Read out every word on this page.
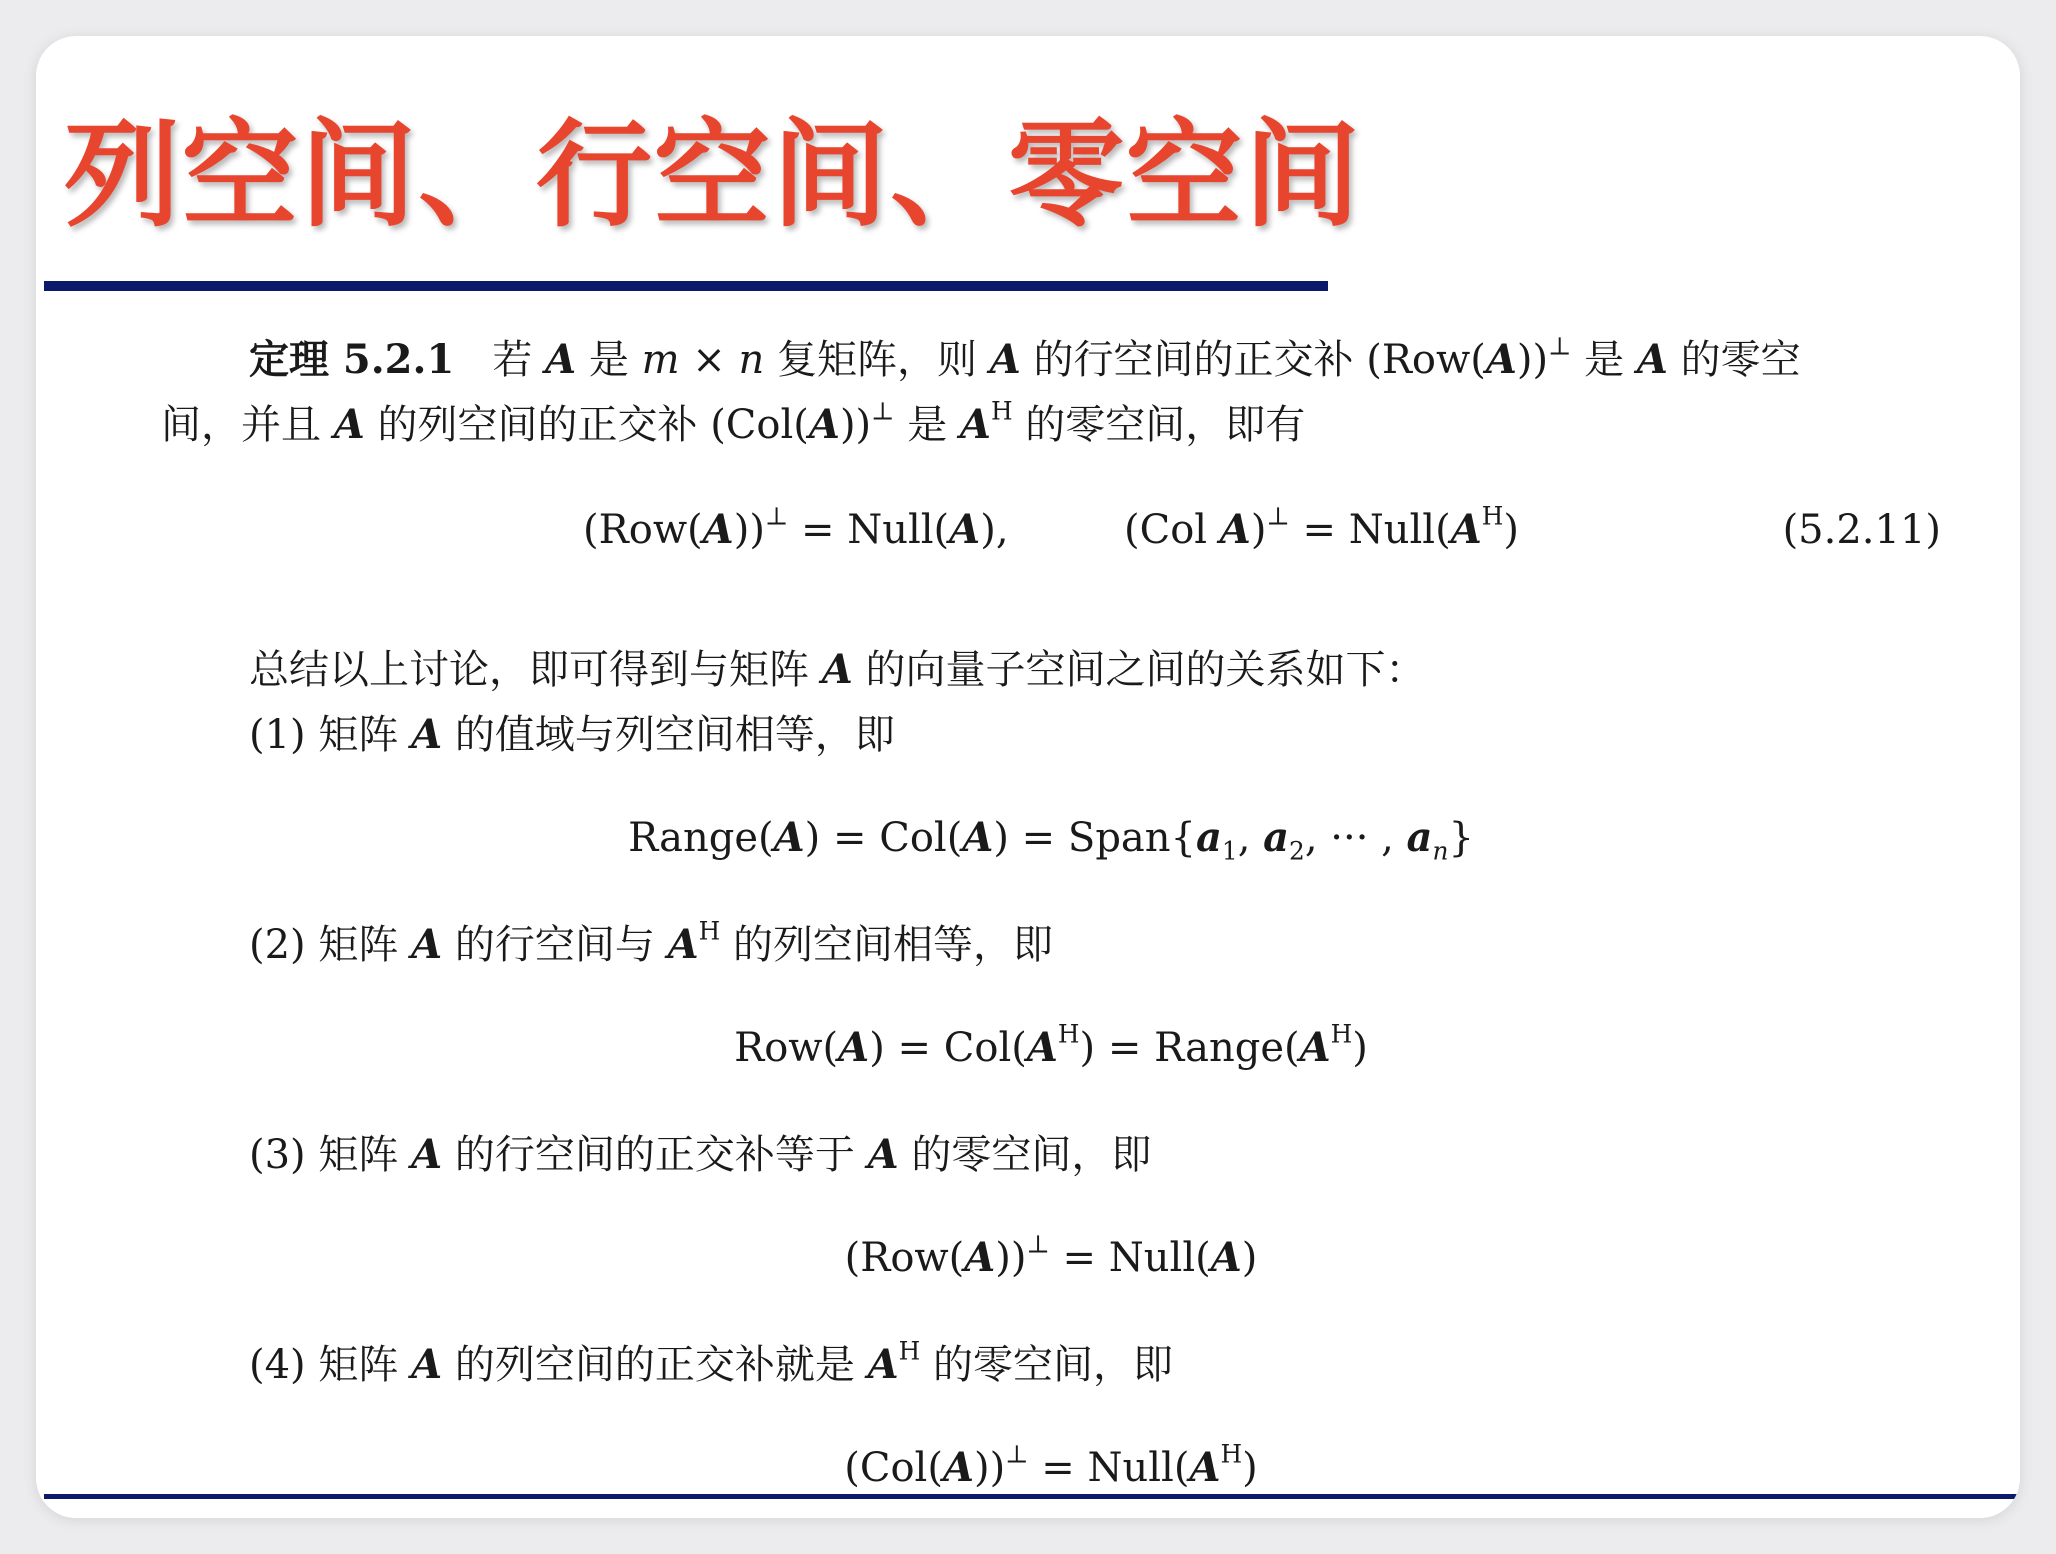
列空间、行空间、零空间
定理 5.2.1   若 A 是 m × n 复矩阵，则 A 的行空间的正交补 (Row(A))⊥ 是 A 的零空
间，并且 A 的列空间的正交补 (Col(A))⊥ 是 $A^H$ 的零空间，即有
(Row(A))⊥ = Null(A),	(Col $A)^\perp = Null(A^H)$	(5.2.11)
总结以上讨论，即可得到与矩阵 A 的向量子空间之间的关系如下：
(1) 矩阵 A 的值域与列空间相等，即
Range(A) = $Col(A) = Span\{a_1$, $a_2$, ··· , $a_n$}
(2) 矩阵 A 的行空间与 $A^H$ 的列空间相等，即
$Row(A) = Col(A^H)$ = $Range(A^H)$
(3) 矩阵 A 的行空间的正交补等于 A 的零空间，即
(Row(A))⊥ = Null(A)
(4) 矩阵 A 的列空间的正交补就是 $A^H$ 的零空间，即
$(Col(A))^\perp = Null(A^H)$
